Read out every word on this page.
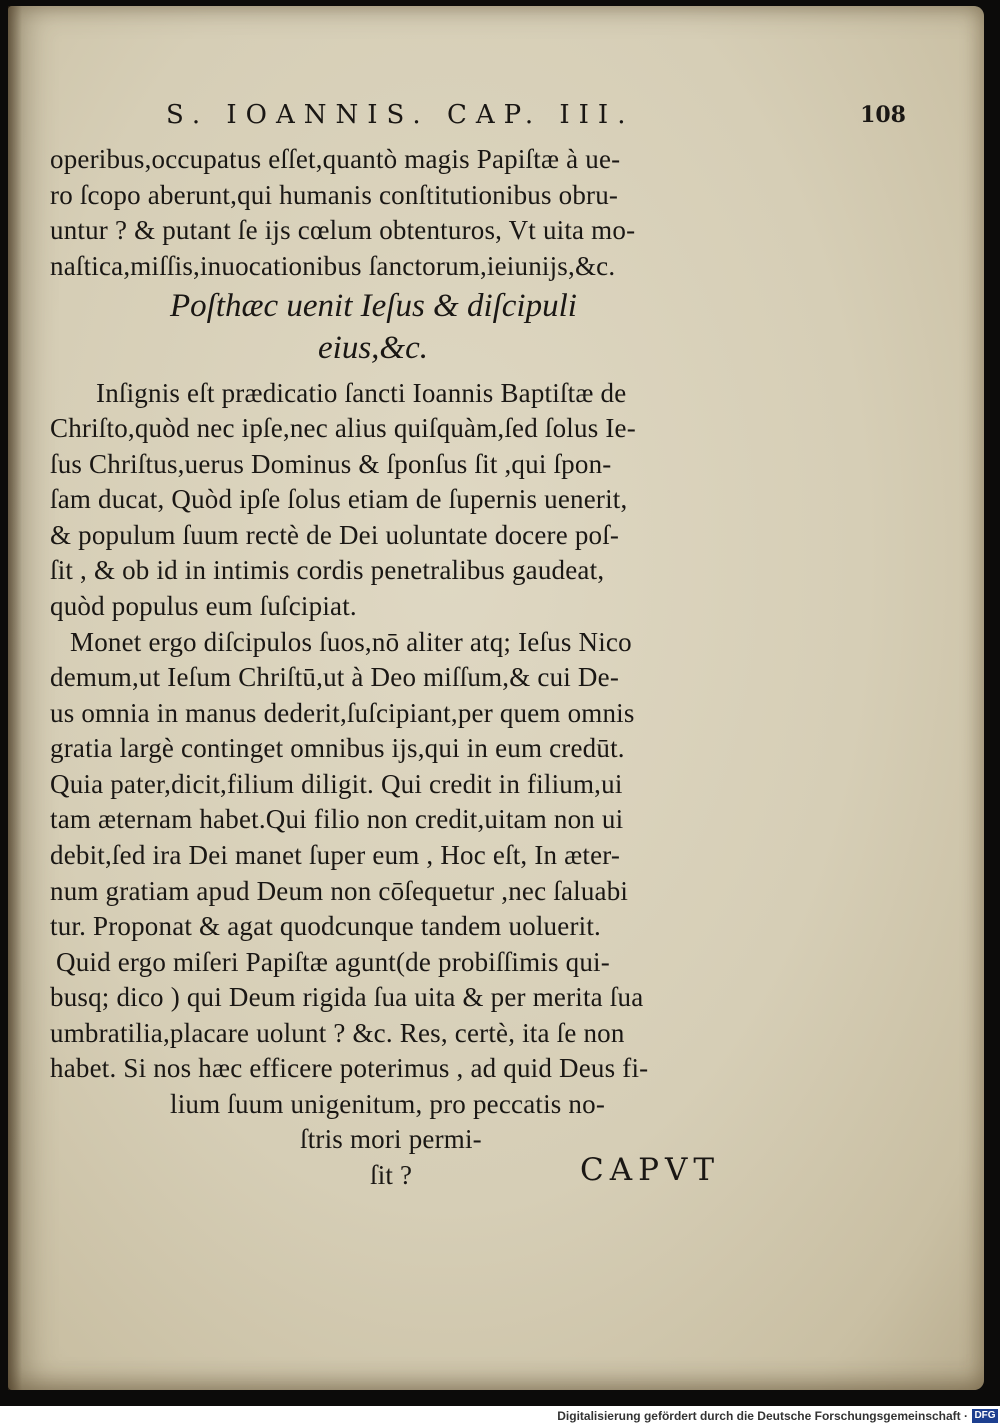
S. IOANNIS. CAP. III.	108
operibus,occupatus eſſet,quantò magis Papiſtæ à ue-
ro ſcopo aberunt,qui humanis conſtitutionibus obru-
untur ? & putant ſe ijs cœlum obtenturos, Vt uita mo-
naſtica,miſſis,inuocationibus ſanctorum,ieiunijs,&c.
Poſthæc uenit Ieſus & diſcipuli
eius,&c.
Inſignis eſt prædicatio ſancti Ioannis Baptiſtæ de
Chriſto,quòd nec ipſe,nec alius quiſquàm,ſed ſolus Ie-
ſus Chriſtus,uerus Dominus & ſponſus ſit ,qui ſpon-
ſam ducat, Quòd ipſe ſolus etiam de ſupernis uenerit,
& populum ſuum rectè de Dei uoluntate docere poſ-
ſit , & ob id in intimis cordis penetralibus gaudeat,
quòd populus eum ſuſcipiat.
Monet ergo diſcipulos ſuos,nō aliter atq; Ieſus Nico
demum,ut Ieſum Chriſtū,ut à Deo miſſum,& cui De-
us omnia in manus dederit,ſuſcipiant,per quem omnis
gratia largè continget omnibus ijs,qui in eum credūt.
Quia pater,dicit,filium diligit. Qui credit in filium,ui
tam æternam habet.Qui filio non credit,uitam non ui
debit,ſed ira Dei manet ſuper eum , Hoc eſt, In æter-
num gratiam apud Deum non cōſequetur ,nec ſaluabi
tur. Proponat & agat quodcunque tandem uoluerit.
Quid ergo miſeri Papiſtæ agunt(de probiſſimis qui-
busq; dico ) qui Deum rigida ſua uita & per merita ſua
umbratilia,placare uolunt ? &c. Res, certè, ita ſe non
habet. Si nos hæc efficere poterimus , ad quid Deus fi-
lium ſuum unigenitum, pro peccatis no-
ſtris mori permi-
ſit ?	CAPVT
Digitalisierung gefördert durch die Deutsche Forschungsgemeinschaft · DFG
